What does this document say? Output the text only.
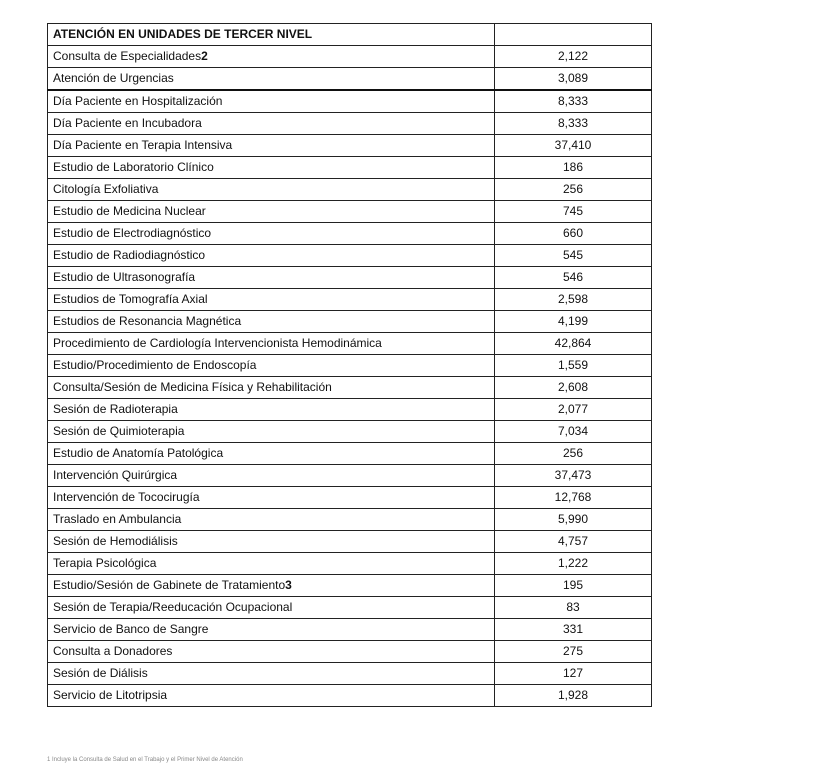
ATENCIÓN EN UNIDADES DE TERCER NIVEL	
Consulta de Especialidades2	2,122
Atención de Urgencias	3,089
Día Paciente en Hospitalización	8,333
Día Paciente en Incubadora	8,333
Día Paciente en Terapia Intensiva	37,410
Estudio de Laboratorio Clínico	186
Citología Exfoliativa	256
Estudio de Medicina Nuclear	745
Estudio de Electrodiagnóstico	660
Estudio de Radiodiagnóstico	545
Estudio de Ultrasonografía	546
Estudios de Tomografía Axial	2,598
Estudios de Resonancia Magnética	4,199
Procedimiento de Cardiología Intervencionista Hemodinámica	42,864
Estudio/Procedimiento de Endoscopía	1,559
Consulta/Sesión de Medicina Física y Rehabilitación	2,608
Sesión de Radioterapia	2,077
Sesión de Quimioterapia	7,034
Estudio de Anatomía Patológica	256
Intervención Quirúrgica	37,473
Intervención de Tococirugía	12,768
Traslado en Ambulancia	5,990
Sesión de Hemodiálisis	4,757
Terapia Psicológica	1,222
Estudio/Sesión de Gabinete de Tratamiento3	195
Sesión de Terapia/Reeducación Ocupacional	83
Servicio de Banco de Sangre	331
Consulta a Donadores	275
Sesión de Diálisis	127
Servicio de Litotripsia	1,928
1 Incluye la Consulta de Salud en el Trabajo y el Primer Nivel de Atención
